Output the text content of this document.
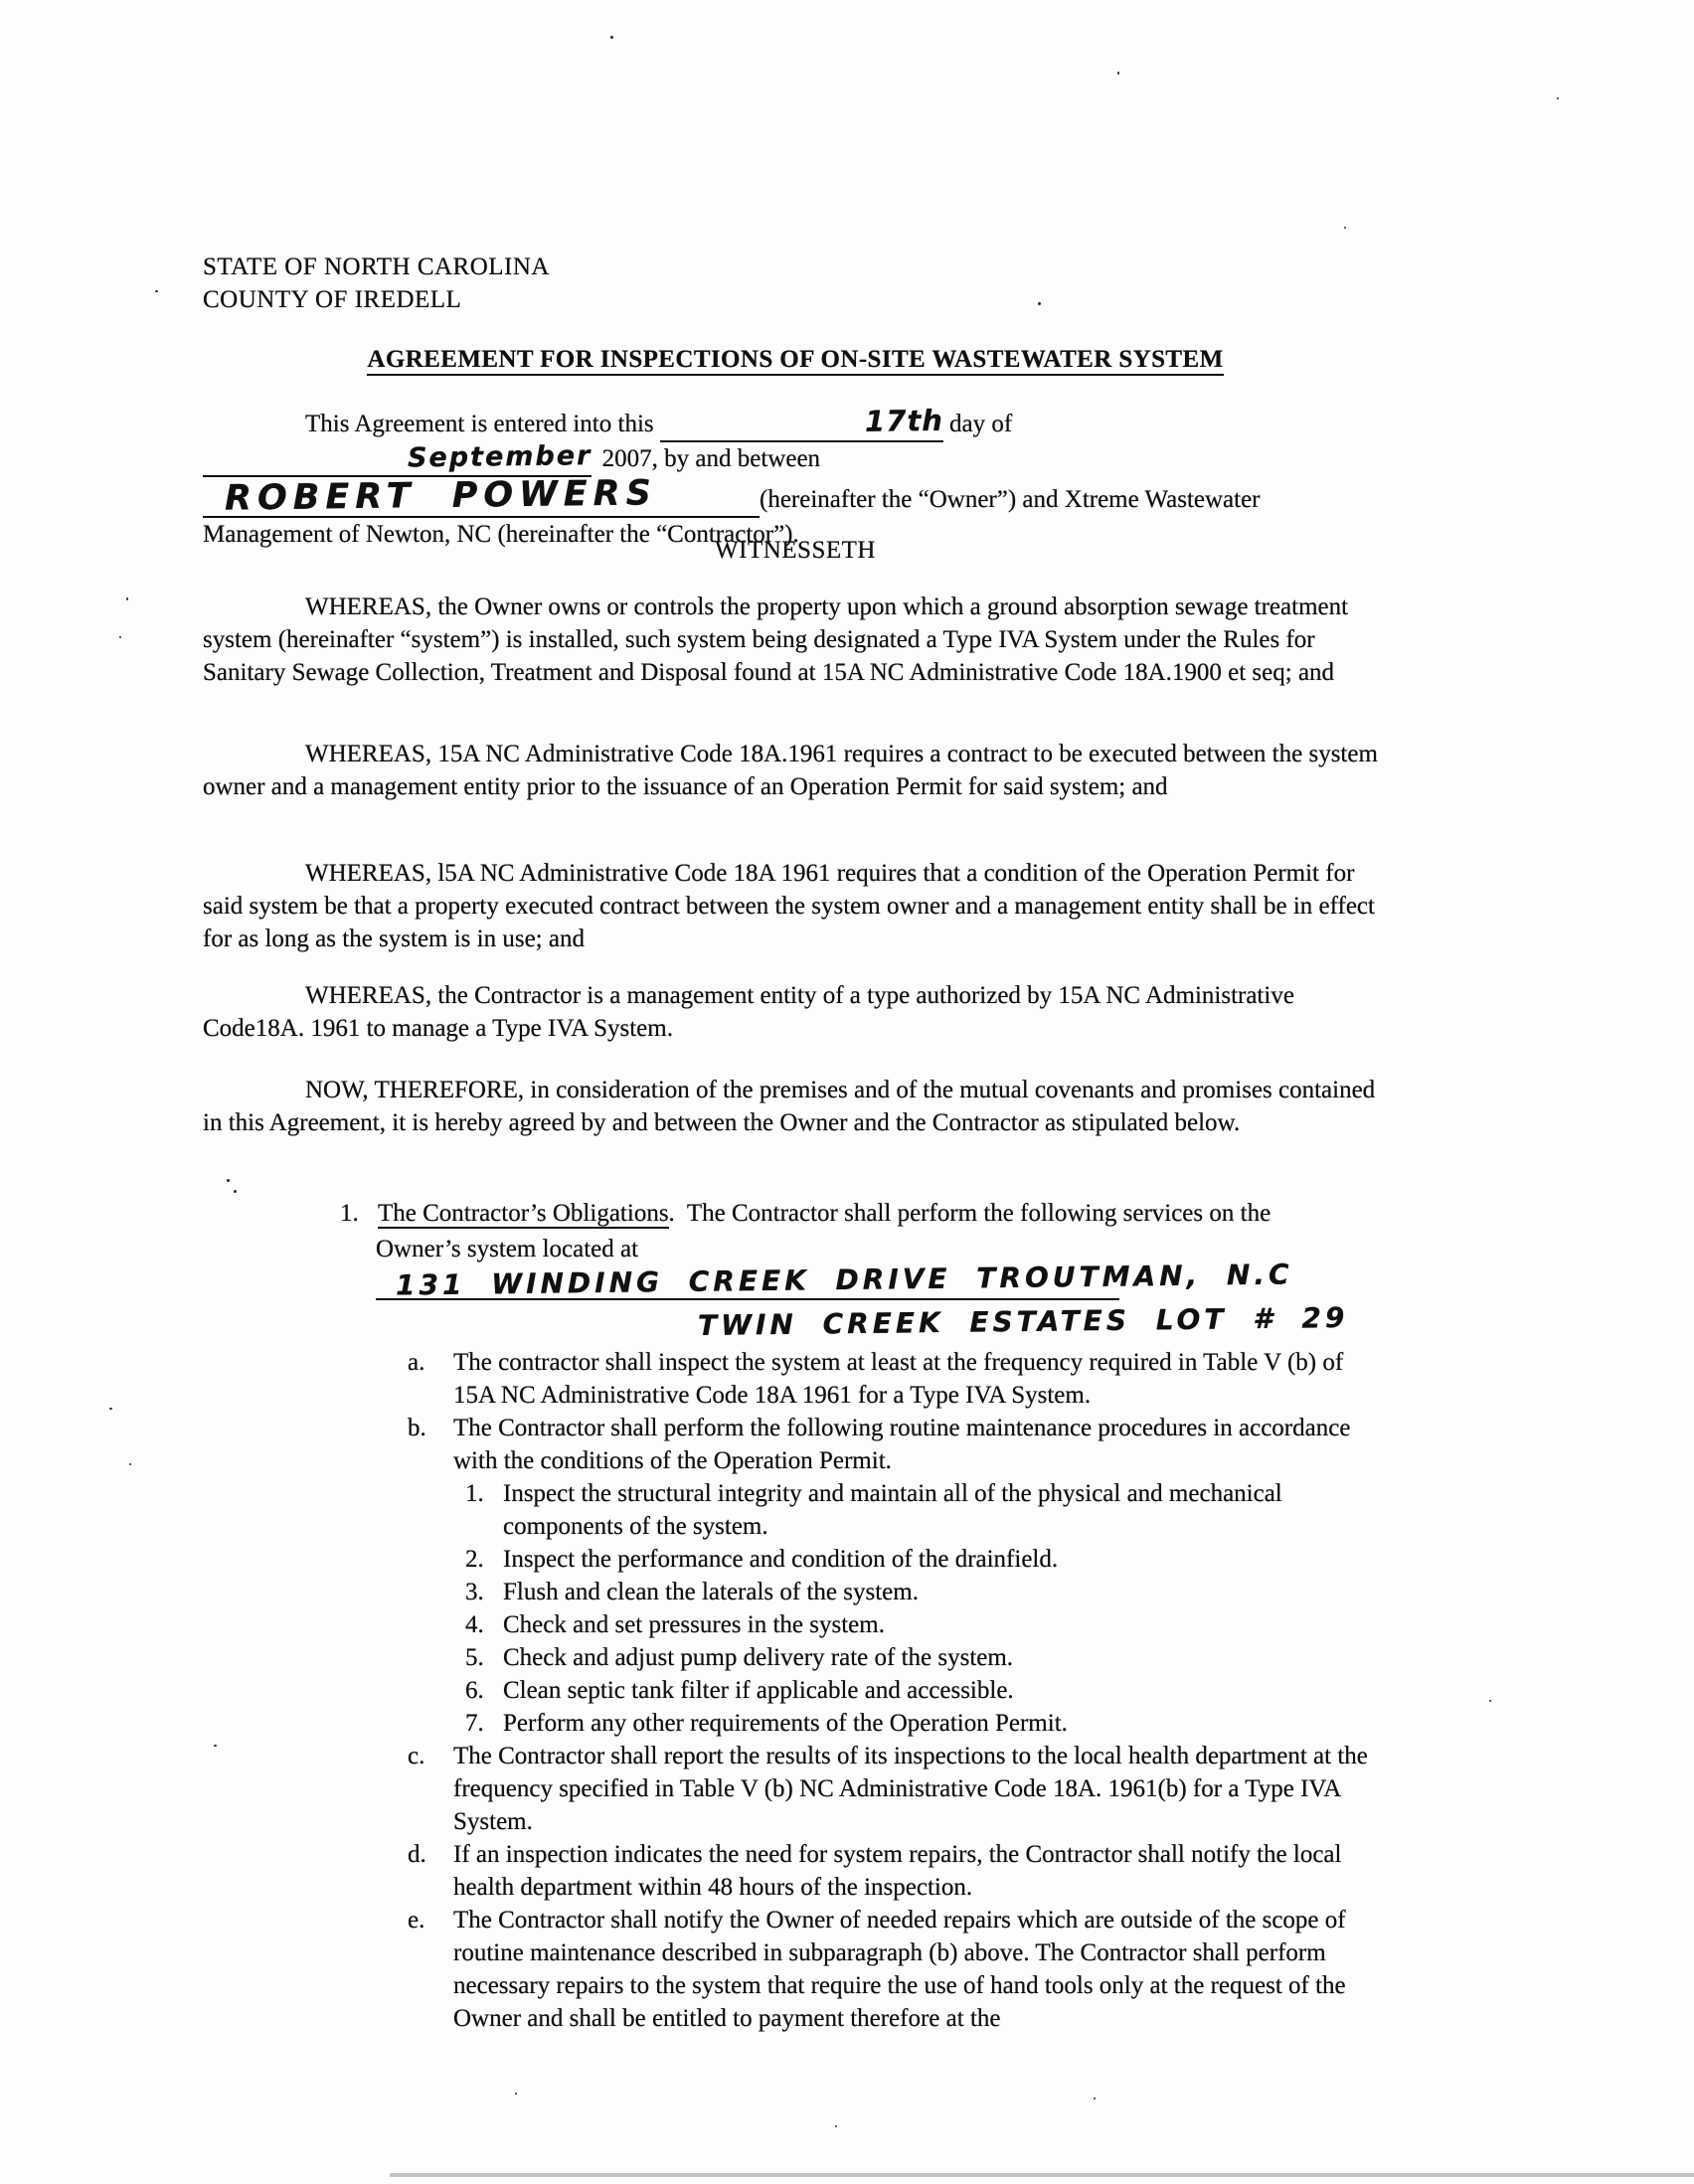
STATE OF NORTH CAROLINA
COUNTY OF IREDELL
AGREEMENT FOR INSPECTIONS OF ON-SITE WASTEWATER SYSTEM
This Agreement is entered into this	17th day of September 2007, by and between
ROBERT POWERS	(hereinafter the “Owner”) and Xtreme Wastewater
Management of Newton, NC (hereinafter the “Contractor”).
WITNESSETH
WHEREAS, the Owner owns or controls the property upon which a ground absorption sewage treatment system (hereinafter “system”) is installed, such system being designated a Type IVA System under the Rules for Sanitary Sewage Collection, Treatment and Disposal found at 15A NC Administrative Code 18A.1900 et seq; and
WHEREAS, 15A NC Administrative Code 18A.1961 requires a contract to be executed between the system owner and a management entity prior to the issuance of an Operation Permit for said system; and
WHEREAS, l5A NC Administrative Code 18A 1961 requires that a condition of the Operation Permit for said system be that a property executed contract between the system owner and a management entity shall be in effect for as long as the system is in use; and
WHEREAS, the Contractor is a management entity of a type authorized by 15A NC Administrative Code18A. 1961 to manage a Type IVA System.
NOW, THEREFORE, in consideration of the premises and of the mutual covenants and promises contained in this Agreement, it is hereby agreed by and between the Owner and the Contractor as stipulated below.
1. The Contractor’s Obligations.  The Contractor shall perform the following services on the
Owner’s system located at 131 WINDING CREEK DRIVE TROUTMAN, N.C
TWIN CREEK ESTATES LOT # 29
a.	The contractor shall inspect the system at least at the frequency required in Table V (b) of 15A NC Administrative Code 18A 1961 for a Type IVA System.
b.	The Contractor shall perform the following routine maintenance procedures in accordance with the conditions of the Operation Permit.
1. Inspect the structural integrity and maintain all of the physical and mechanical components of the system.
2. Inspect the performance and condition of the drainfield.
3. Flush and clean the laterals of the system.
4. Check and set pressures in the system.
5. Check and adjust pump delivery rate of the system.
6. Clean septic tank filter if applicable and accessible.
7. Perform any other requirements of the Operation Permit.
c.	The Contractor shall report the results of its inspections to the local health department at the frequency specified in Table V (b) NC Administrative Code 18A. 1961(b) for a Type IVA System.
d.	If an inspection indicates the need for system repairs, the Contractor shall notify the local health department within 48 hours of the inspection.
e.	The Contractor shall notify the Owner of needed repairs which are outside of the scope of routine maintenance described in subparagraph (b) above. The Contractor shall perform necessary repairs to the system that require the use of hand tools only at the request of the Owner and shall be entitled to payment therefore at the
